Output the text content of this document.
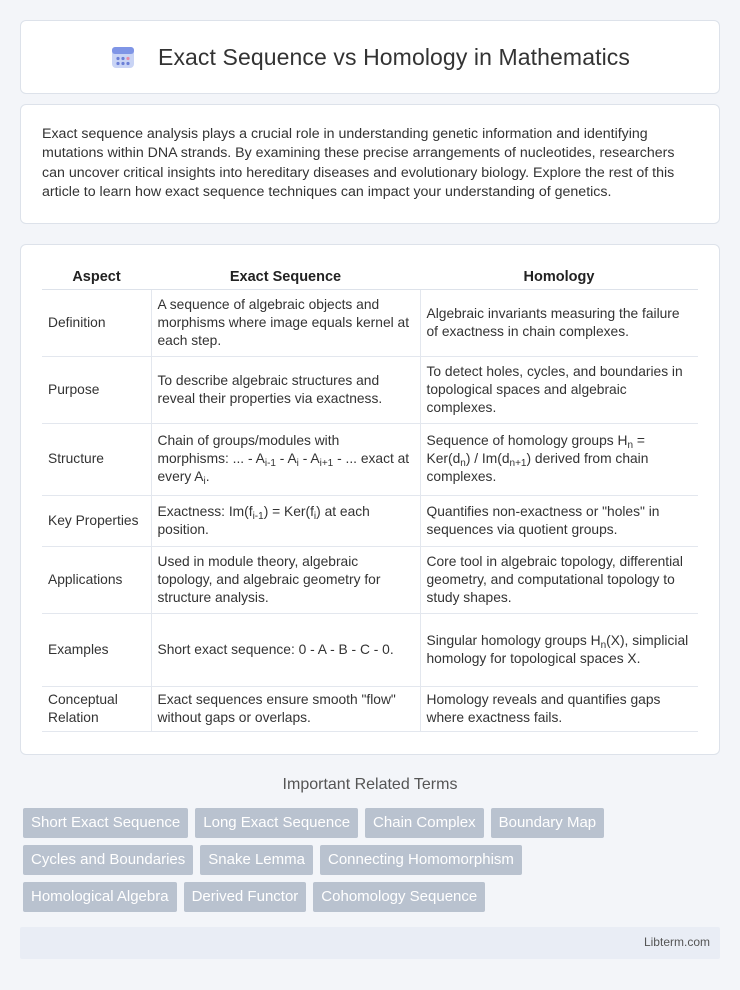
Exact Sequence vs Homology in Mathematics

Exact sequence analysis plays a crucial role in understanding genetic information and identifying mutations within DNA strands. By examining these precise arrangements of nucleotides, researchers can uncover critical insights into hereditary diseases and evolutionary biology. Explore the rest of this article to learn how exact sequence techniques can impact your understanding of genetics.

Aspect	Exact Sequence	Homology
Definition	A sequence of algebraic objects and morphisms where image equals kernel at each step.	Algebraic invariants measuring the failure of exactness in chain complexes.
Purpose	To describe algebraic structures and reveal their properties via exactness.	To detect holes, cycles, and boundaries in topological spaces and algebraic complexes.
Structure	Chain of groups/modules with morphisms: ... - $A_{i-1} - A_i - A_{i+1}$ - ... exact at every $A_i$.	Sequence of homology groups $H_n = Ker(d_n) / Im(d_{n+1})$ derived from chain complexes.
Key Properties	Exactness: $Im(f_{i-1}) = Ker(f_i)$ at each position.	Quantifies non-exactness or "holes" in sequences via quotient groups.
Applications	Used in module theory, algebraic topology, and algebraic geometry for structure analysis.	Core tool in algebraic topology, differential geometry, and computational topology to study shapes.
Examples	Short exact sequence: 0 - A - B - C - 0.	Singular homology groups $H_n(X)$, simplicial homology for topological spaces X.
Conceptual Relation	Exact sequences ensure smooth "flow" without gaps or overlaps.	Homology reveals and quantifies gaps where exactness fails.
Important Related Terms
Short Exact Sequence	Long Exact Sequence	Chain Complex	Boundary Map
Cycles and Boundaries	Snake Lemma	Connecting Homomorphism
Homological Algebra	Derived Functor	Cohomology Sequence
Libterm.com
